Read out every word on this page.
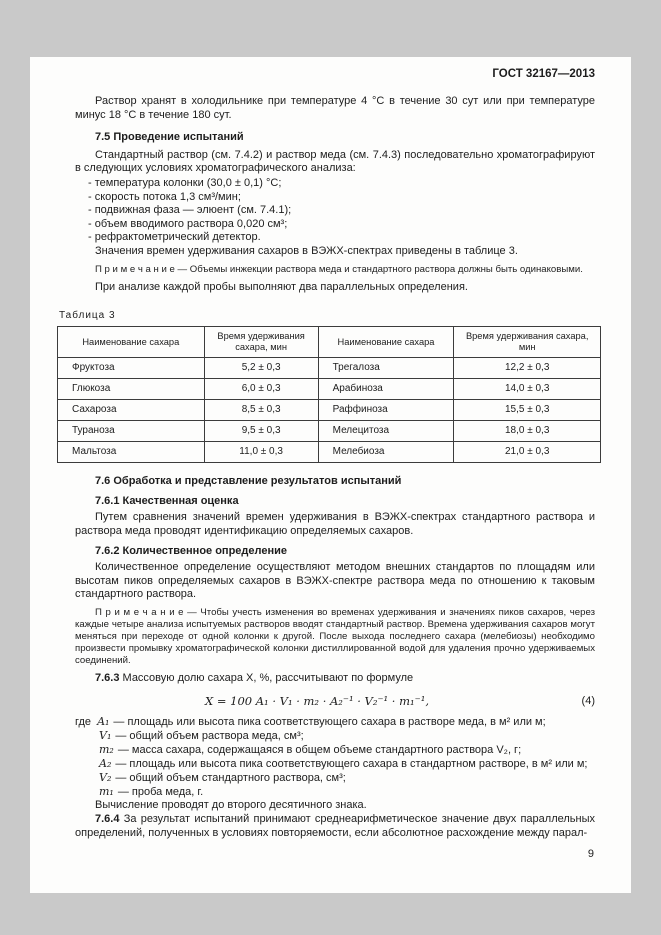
ГОСТ 32167—2013

Раствор хранят в холодильнике при температуре 4 °С в течение 30 сут или при температуре минус 18 °С в течение 180 сут.

7.5 Проведение испытаний

Стандартный раствор (см. 7.4.2) и раствор меда (см. 7.4.3) последовательно хроматографируют в следующих условиях хроматографического анализа:

- температура колонки (30,0 ± 0,1) °С;
- скорость потока 1,3 см³/мин;
- подвижная фаза — элюент (см. 7.4.1);
- объем вводимого раствора 0,020 см³;
- рефрактометрический детектор.

Значения времен удерживания сахаров в ВЭЖХ-спектрах приведены в таблице 3.

П р и м е ч а н и е — Объемы инжекции раствора меда и стандартного раствора должны быть одинаковыми.

При анализе каждой пробы выполняют два параллельных определения.

Таблица 3
Наименование сахара	Время удерживания сахара, мин	Наименование сахара	Время удерживания сахара, мин
Фруктоза	5,2 ± 0,3	Трегалоза	12,2 ± 0,3
Глюкоза	6,0 ± 0,3	Арабиноза	14,0 ± 0,3
Сахароза	8,5 ± 0,3	Раффиноза	15,5 ± 0,3
Тураноза	9,5 ± 0,3	Мелецитоза	18,0 ± 0,3
Мальтоза	11,0 ± 0,3	Мелебиоза	21,0 ± 0,3

7.6 Обработка и представление результатов испытаний

7.6.1 Качественная оценка

Путем сравнения значений времен удерживания в ВЭЖХ-спектрах стандартного раствора и раствора меда проводят идентификацию определяемых сахаров.

7.6.2 Количественное определение

Количественное определение осуществляют методом внешних стандартов по площадям или высотам пиков определяемых сахаров в ВЭЖХ-спектре раствора меда по отношению к таковым стандартного раствора.

П р и м е ч а н и е — Чтобы учесть изменения во временах удерживания и значениях пиков сахаров, через каждые четыре анализа испытуемых растворов вводят стандартный раствор. Времена удерживания сахаров могут меняться при переходе от одной колонки к другой. После выхода последнего сахара (мелебиозы) необходимо произвести промывку хроматографической колонки дистиллированной водой для удаления прочно удерживаемых соединений.

7.6.3 Массовую долю сахара X, %, рассчитывают по формуле

X = 100 A₁ · V₁ · m₂ · A₂⁻¹ · V₂⁻¹ · m₁⁻¹,	(4)
где A₁ — площадь или высота пика соответствующего сахара в растворе меда, в м² или м;
V₁ — общий объем раствора меда, см³;
m₂ — масса сахара, содержащаяся в общем объеме стандартного раствора V₂, г;
A₂ — площадь или высота пика соответствующего сахара в стандартном растворе, в м² или м;
V₂ — общий объем стандартного раствора, см³;
m₁ — проба меда, г.

Вычисление проводят до второго десятичного знака.

7.6.4 За результат испытаний принимают среднеарифметическое значение двух параллельных определений, полученных в условиях повторяемости, если абсолютное расхождение между парал-

9
